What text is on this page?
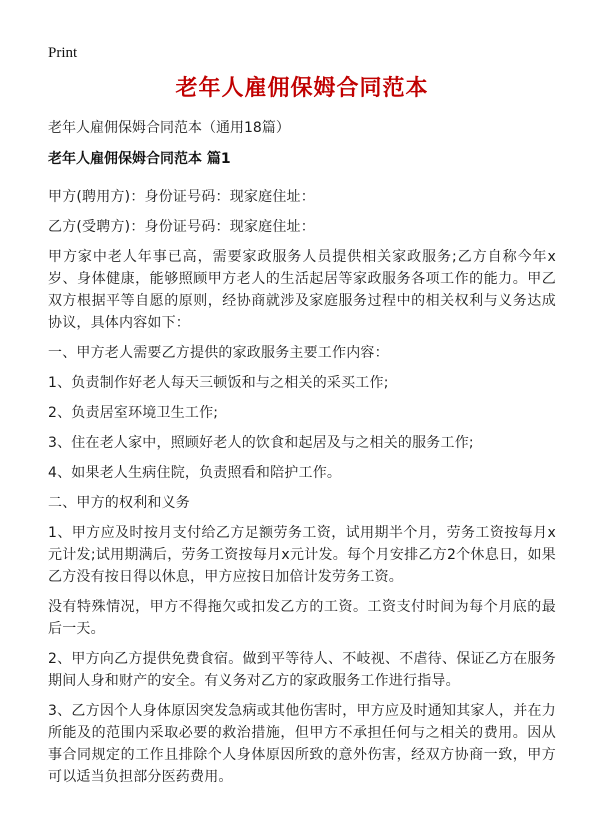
Print
老年人雇佣保姆合同范本
老年人雇佣保姆合同范本（通用18篇）
老年人雇佣保姆合同范本 篇1

甲方(聘用方)：身份证号码：现家庭住址：

乙方(受聘方)：身份证号码：现家庭住址：

甲方家中老人年事已高，需要家政服务人员提供相关家政服务;乙方自称今年x岁、身体健康，能够照顾甲方老人的生活起居等家政服务各项工作的能力。甲乙双方根据平等自愿的原则，经协商就涉及家庭服务过程中的相关权利与义务达成协议，具体内容如下：

一、甲方老人需要乙方提供的家政服务主要工作内容：

1、负责制作好老人每天三顿饭和与之相关的采买工作;

2、负责居室环境卫生工作;

3、住在老人家中，照顾好老人的饮食和起居及与之相关的服务工作;

4、如果老人生病住院，负责照看和陪护工作。

二、甲方的权利和义务

1、甲方应及时按月支付给乙方足额劳务工资，试用期半个月，劳务工资按每月x元计发;试用期满后，劳务工资按每月x元计发。每个月安排乙方2个休息日，如果乙方没有按日得以休息，甲方应按日加倍计发劳务工资。

没有特殊情况，甲方不得拖欠或扣发乙方的工资。工资支付时间为每个月底的最后一天。

2、甲方向乙方提供免费食宿。做到平等待人、不岐视、不虐待、保证乙方在服务期间人身和财产的安全。有义务对乙方的家政服务工作进行指导。

3、乙方因个人身体原因突发急病或其他伤害时，甲方应及时通知其家人，并在力所能及的范围内采取必要的救治措施，但甲方不承担任何与之相关的费用。因从事合同规定的工作且排除个人身体原因所致的意外伤害，经双方协商一致，甲方可以适当负担部分医药费用。
